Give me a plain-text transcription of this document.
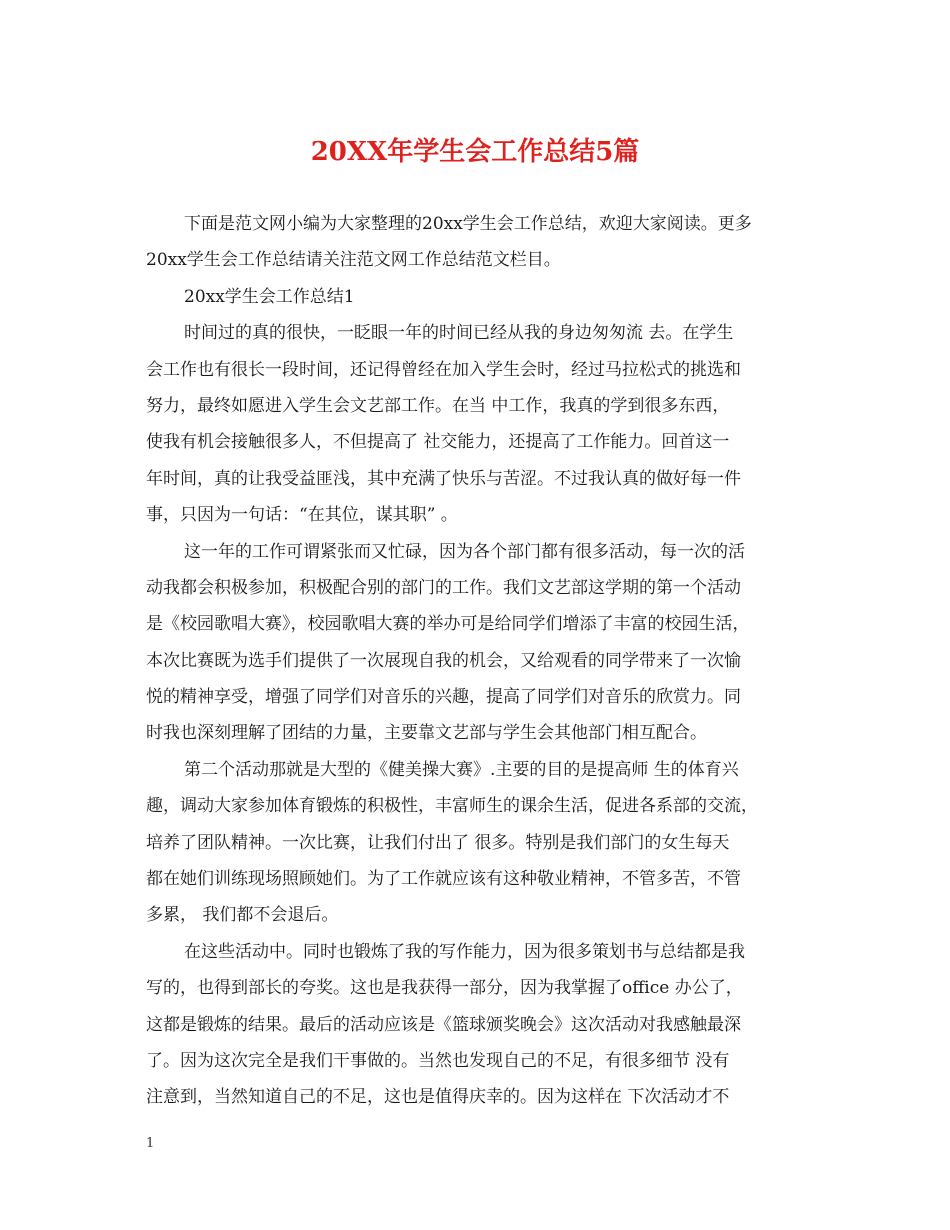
20XX年学生会工作总结5篇
下面是范文网小编为大家整理的20xx学生会工作总结，欢迎大家阅读。更多
20xx学生会工作总结请关注范文网工作总结范文栏目。
20xx学生会工作总结1
时间过的真的很快，一眨眼一年的时间已经从我的身边匆匆流 去。在学生
会工作也有很长一段时间，还记得曾经在加入学生会时，经过马拉松式的挑选和
努力，最终如愿进入学生会文艺部工作。在当 中工作，我真的学到很多东西，
使我有机会接触很多人，不但提高了 社交能力，还提高了工作能力。回首这一
年时间，真的让我受益匪浅，其中充满了快乐与苦涩。不过我认真的做好每一件
事，只因为一句话：“在其位，谋其职” 。
这一年的工作可谓紧张而又忙碌，因为各个部门都有很多活动，每一次的活
动我都会积极参加，积极配合别的部门的工作。我们文艺部这学期的第一个活动
是《校园歌唱大赛》，校园歌唱大赛的举办可是给同学们增添了丰富的校园生活，
本次比赛既为选手们提供了一次展现自我的机会，又给观看的同学带来了一次愉
悦的精神享受，增强了同学们对音乐的兴趣，提高了同学们对音乐的欣赏力。同
时我也深刻理解了团结的力量，主要靠文艺部与学生会其他部门相互配合。
第二个活动那就是大型的《健美操大赛》.主要的目的是提高师 生的体育兴
趣，调动大家参加体育锻炼的积极性，丰富师生的课余生活，促进各系部的交流，
培养了团队精神。一次比赛，让我们付出了 很多。特别是我们部门的女生每天
都在她们训练现场照顾她们。为了工作就应该有这种敬业精神，不管多苦，不管
多累， 我们都不会退后。
在这些活动中。同时也锻炼了我的写作能力，因为很多策划书与总结都是我
写的，也得到部长的夸奖。这也是我获得一部分，因为我掌握了office 办公了，
这都是锻炼的结果。最后的活动应该是《篮球颁奖晚会》这次活动对我感触最深
了。因为这次完全是我们干事做的。当然也发现自己的不足，有很多细节 没有
注意到，当然知道自己的不足，这也是值得庆幸的。因为这样在 下次活动才不
1
